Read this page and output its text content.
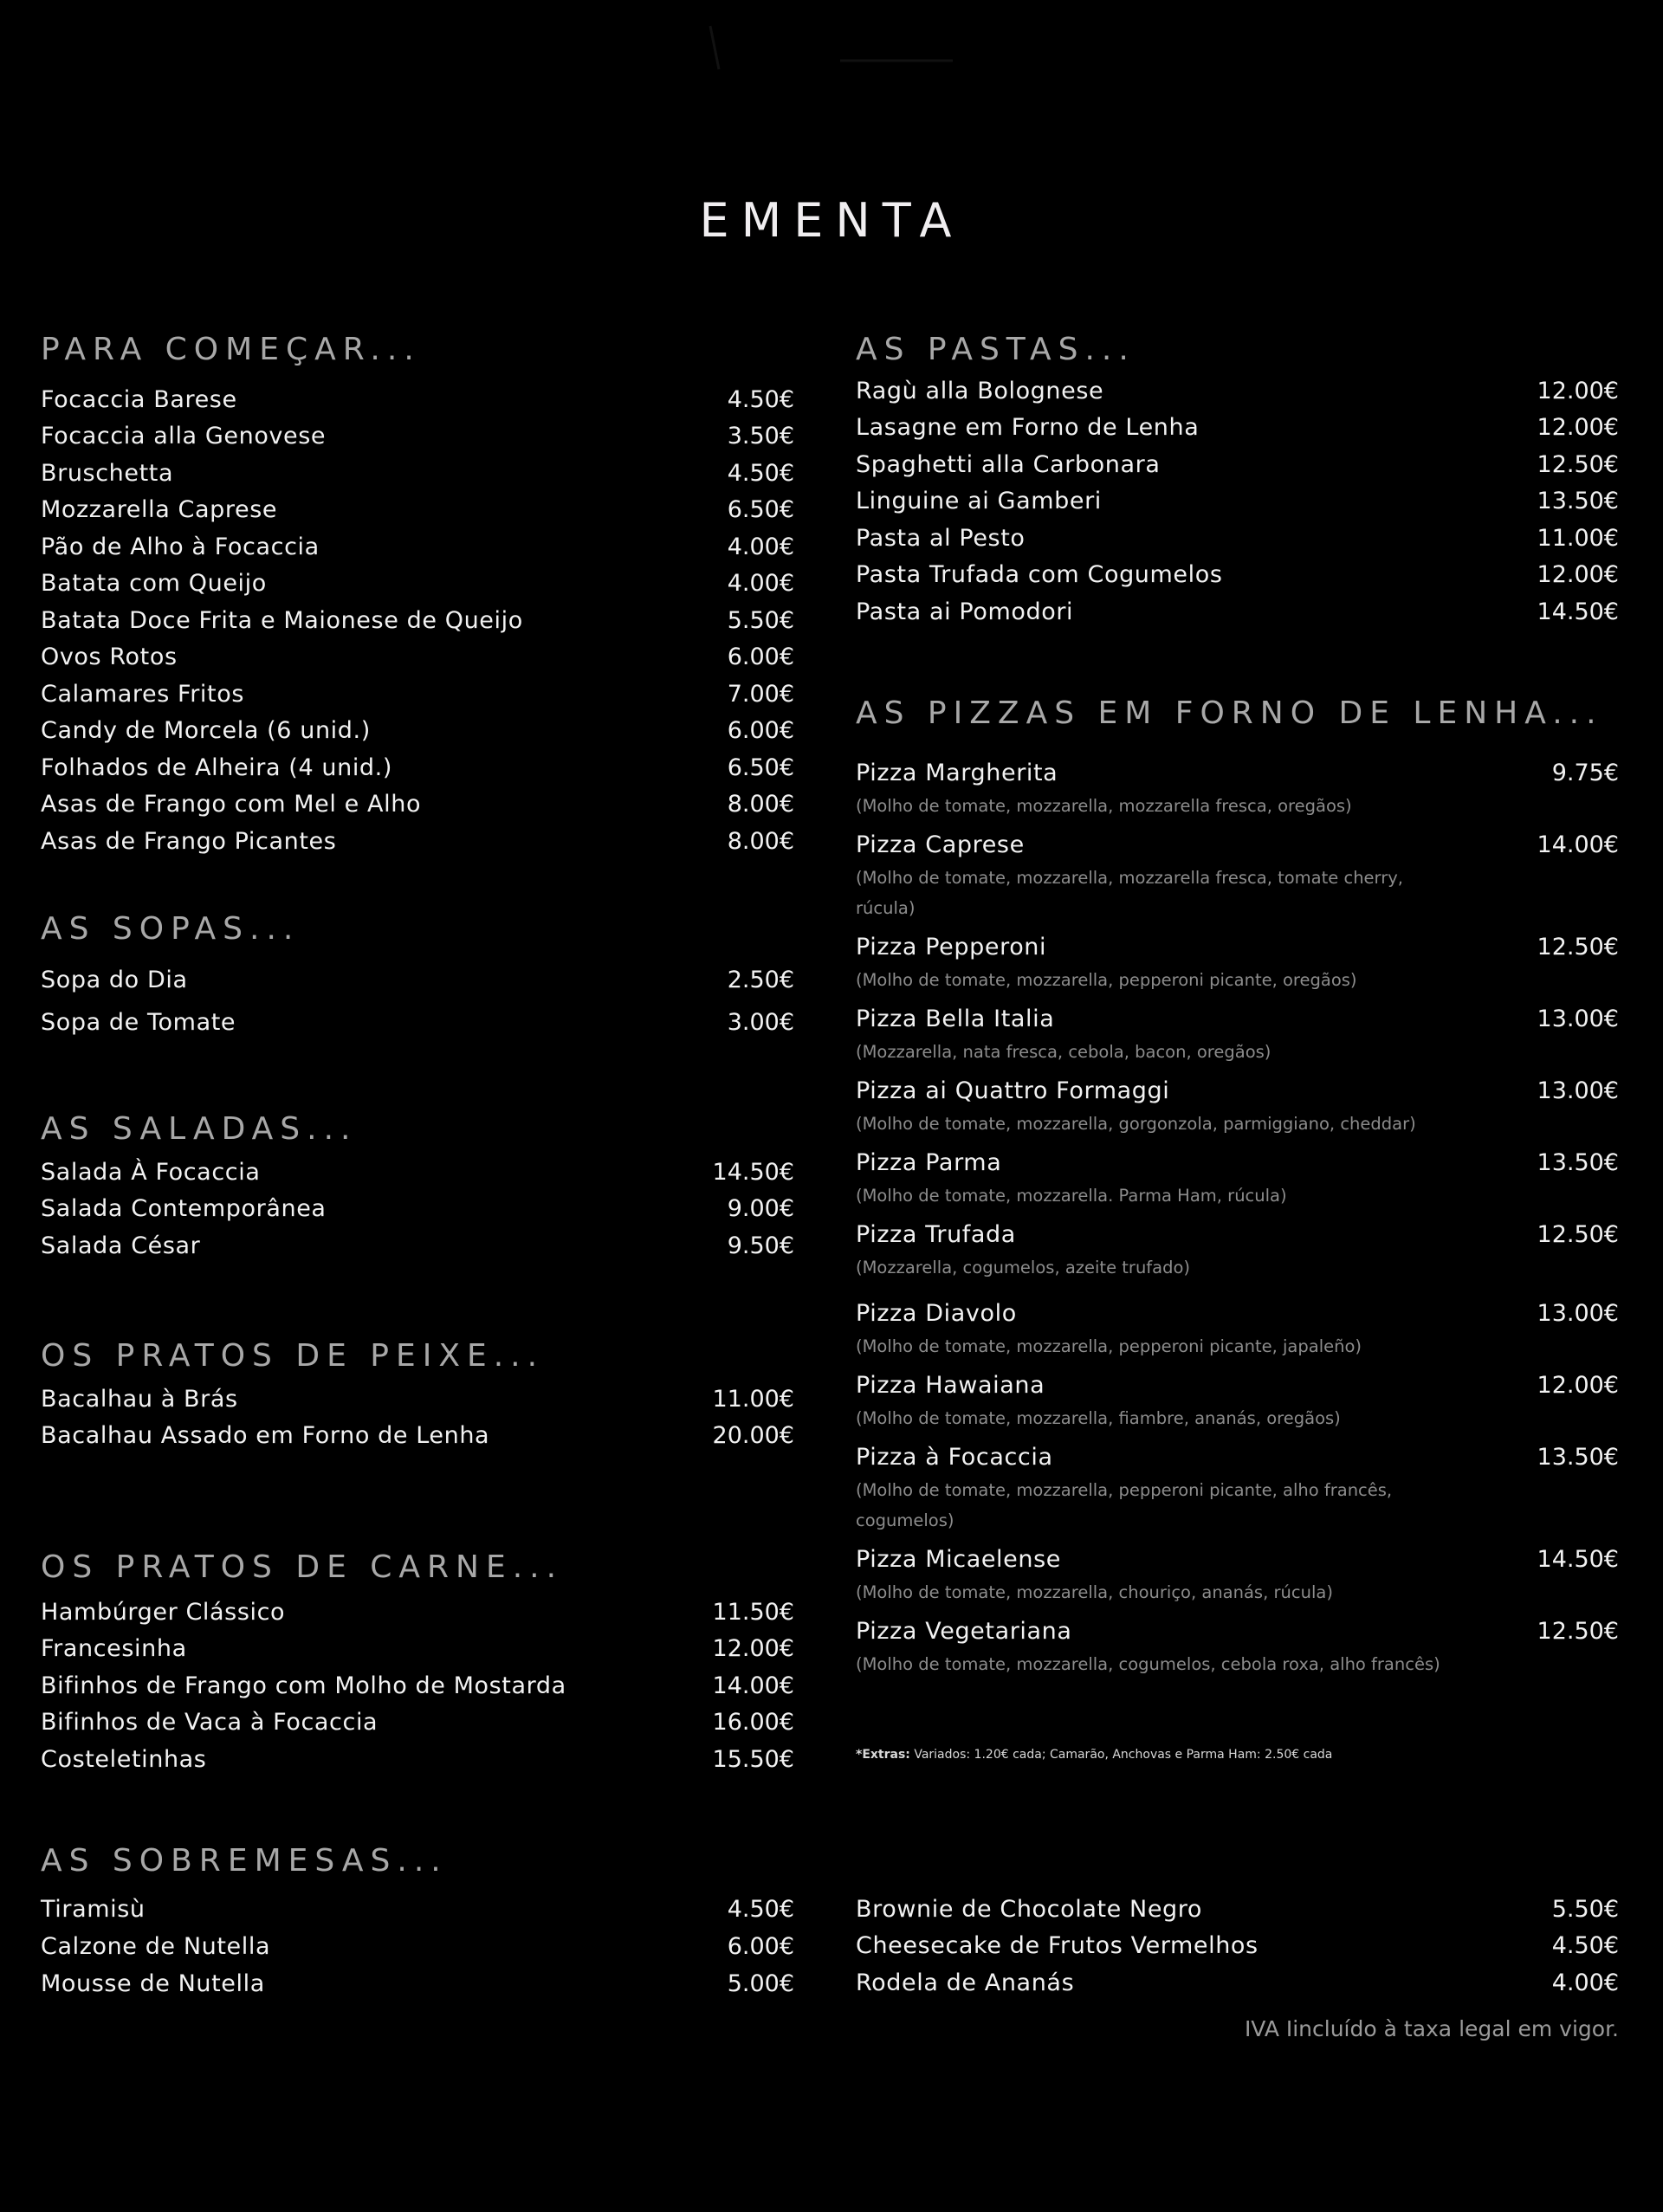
EMENTA
PARA COMEÇAR...
Focaccia Barese	4.50€
Focaccia alla Genovese	3.50€
Bruschetta	4.50€
Mozzarella Caprese	6.50€
Pão de Alho à Focaccia	4.00€
Batata com Queijo	4.00€
Batata Doce Frita e Maionese de Queijo	5.50€
Ovos Rotos	6.00€
Calamares Fritos	7.00€
Candy de Morcela (6 unid.)	6.00€
Folhados de Alheira (4 unid.)	6.50€
Asas de Frango com Mel e Alho	8.00€
Asas de Frango Picantes	8.00€
AS SOPAS...
Sopa do Dia	2.50€
Sopa de Tomate	3.00€
AS SALADAS...
Salada À Focaccia	14.50€
Salada Contemporânea	9.00€
Salada César	9.50€
OS PRATOS DE PEIXE...
Bacalhau à Brás	11.00€
Bacalhau Assado em Forno de Lenha	20.00€
OS PRATOS DE CARNE...
Hambúrger Clássico	11.50€
Francesinha	12.00€
Bifinhos de Frango com Molho de Mostarda	14.00€
Bifinhos de Vaca à Focaccia	16.00€
Costeletinhas	15.50€
AS SOBREMESAS...
Tiramisù	4.50€
Calzone de Nutella	6.00€
Mousse de Nutella	5.00€
AS PASTAS...
Ragù alla Bolognese	12.00€
Lasagne em Forno de Lenha	12.00€
Spaghetti alla Carbonara	12.50€
Linguine ai Gamberi	13.50€
Pasta al Pesto	11.00€
Pasta Trufada com Cogumelos	12.00€
Pasta ai Pomodori	14.50€
AS PIZZAS EM FORNO DE LENHA...
Pizza Margherita	9.75€
(Molho de tomate, mozzarella, mozzarella fresca, oregãos)
Pizza Caprese	14.00€
(Molho de tomate, mozzarella, mozzarella fresca, tomate cherry, rúcula)
Pizza Pepperoni	12.50€
(Molho de tomate, mozzarella, pepperoni picante, oregãos)
Pizza Bella Italia	13.00€
(Mozzarella, nata fresca, cebola, bacon, oregãos)
Pizza ai Quattro Formaggi	13.00€
(Molho de tomate, mozzarella, gorgonzola, parmiggiano, cheddar)
Pizza Parma	13.50€
(Molho de tomate, mozzarella. Parma Ham, rúcula)
Pizza Trufada	12.50€
(Mozzarella, cogumelos, azeite trufado)
Pizza Diavolo	13.00€
(Molho de tomate, mozzarella, pepperoni picante, japaleño)
Pizza Hawaiana	12.00€
(Molho de tomate, mozzarella, fiambre, ananás, oregãos)
Pizza à Focaccia	13.50€
(Molho de tomate, mozzarella, pepperoni picante, alho francês, cogumelos)
Pizza Micaelense	14.50€
(Molho de tomate, mozzarella, chouriço, ananás, rúcula)
Pizza Vegetariana	12.50€
(Molho de tomate, mozzarella, cogumelos, cebola roxa, alho francês)
*Extras: Variados: 1.20€ cada; Camarão, Anchovas e Parma Ham: 2.50€ cada
Brownie de Chocolate Negro	5.50€
Cheesecake de Frutos Vermelhos	4.50€
Rodela de Ananás	4.00€
IVA Iincluído à taxa legal em vigor.
